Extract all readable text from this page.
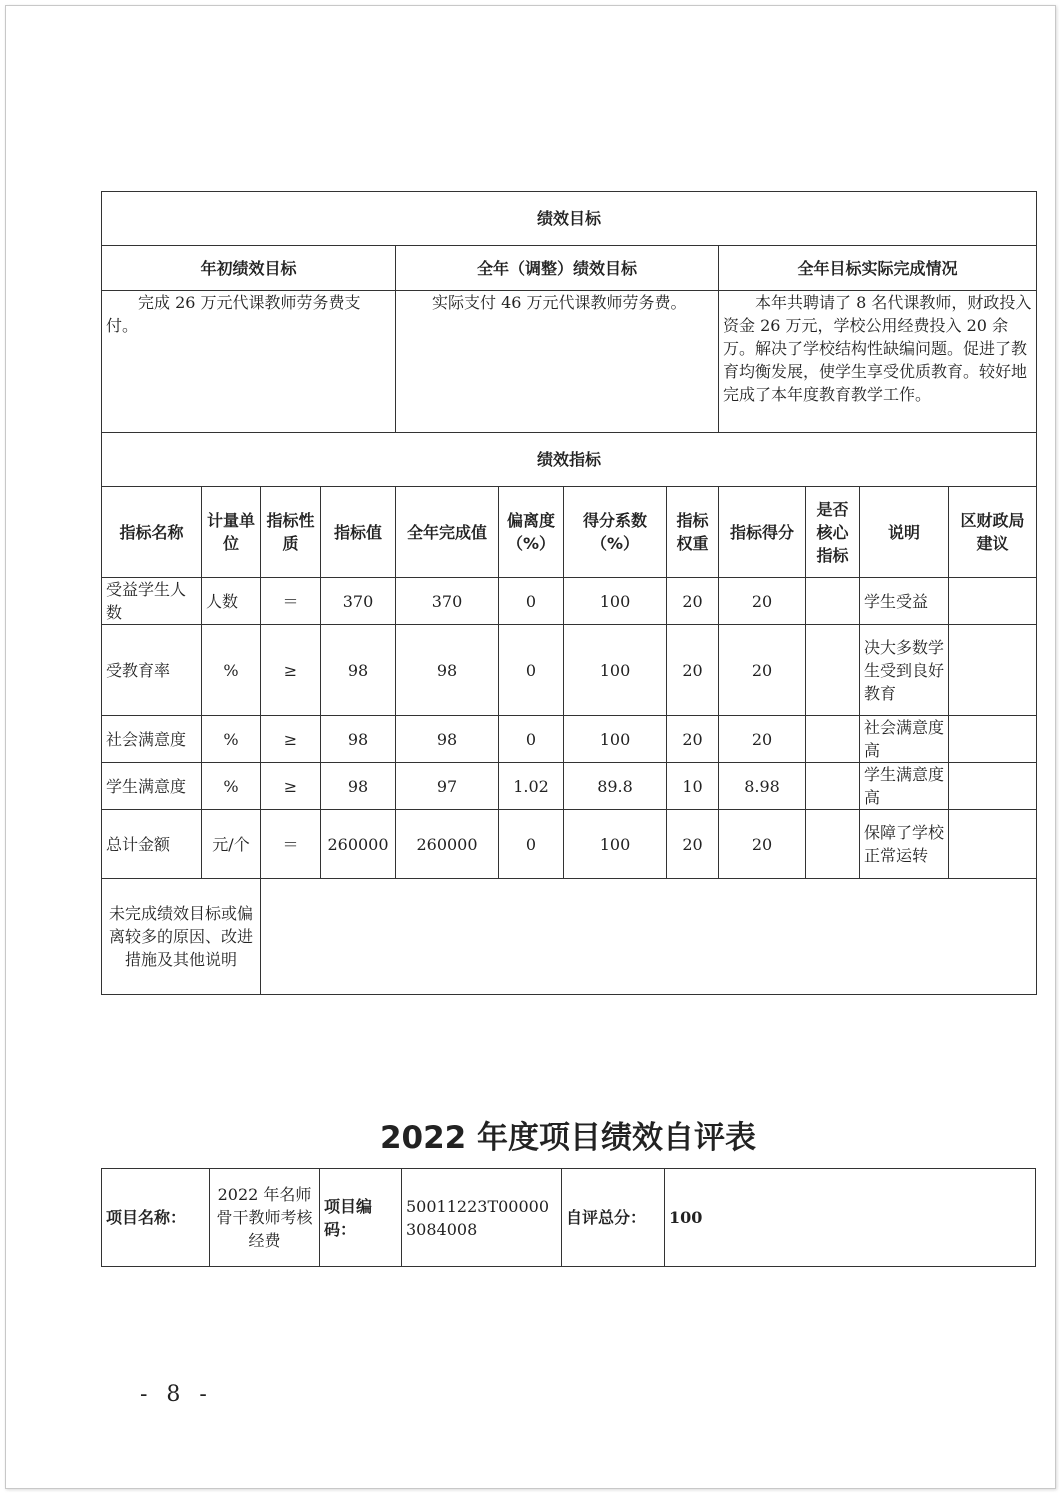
绩效目标											
年初绩效目标				全年（调整）绩效目标				全年目标实际完成情况			
完成 26 万元代课教师劳务费支付。				实际支付 46 万元代课教师劳务费。				本年共聘请了 8 名代课教师，财政投入资金 26 万元，学校公用经费投入 20 余万。解决了学校结构性缺编问题。促进了教育均衡发展，使学生享受优质教育。较好地完成了本年度教育教学工作。			
绩效指标											
指标名称	计量单位	指标性质	指标值	全年完成值	偏离度（%）	得分系数（%）	指标权重	指标得分	是否核心指标	说明	区财政局建议
受益学生人数	人数	＝	370	370	0	100	20	20		学生受益	
受教育率	%	≥	98	98	0	100	20	20		决大多数学生受到良好教育	
社会满意度	%	≥	98	98	0	100	20	20		社会满意度高	
学生满意度	%	≥	98	97	1.02	89.8	10	8.98		学生满意度高	
总计金额	元/个	＝	260000	260000	0	100	20	20		保障了学校正常运转	
未完成绩效目标或偏离较多的原因、改进措施及其他说明											
2022 年度项目绩效自评表
项目名称：	2022 年名师骨干教师考核经费	项目编码：	50011223T000003084008	自评总分：	100
- 8 -
